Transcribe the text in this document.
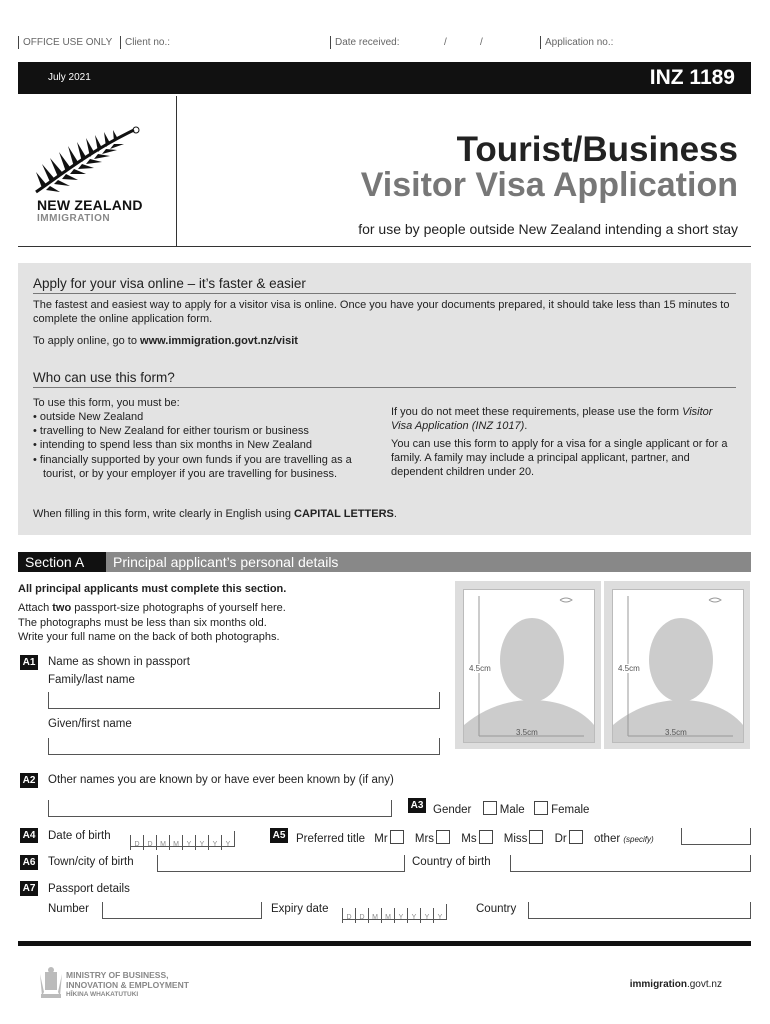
OFFICE USE ONLY	Client no.:	Date received:	/	/	Application no.:
July 2021	INZ 1189
NEW ZEALAND
IMMIGRATION
Tourist/Business
Visitor Visa Application
for use by people outside New Zealand intending a short stay
Apply for your visa online – it’s faster & easier
The fastest and easiest way to apply for a visitor visa is online. Once you have your documents prepared, it should take less than 15 minutes to complete the online application form.
To apply online, go to www.immigration.govt.nz/visit
Who can use this form?
To use this form, you must be:
• outside New Zealand
• travelling to New Zealand for either tourism or business
• intending to spend less than six months in New Zealand
• financially supported by your own funds if you are travelling as a tourist, or by your employer if you are travelling for business.
If you do not meet these requirements, please use the form Visitor Visa Application (INZ 1017).
You can use this form to apply for a visa for a single applicant or for a family. A family may include a principal applicant, partner, and dependent children under 20.
When filling in this form, write clearly in English using CAPITAL LETTERS.
Section A	Principal applicant’s personal details
All principal applicants must complete this section.
Attach two passport-size photographs of yourself here.
The photographs must be less than six months old.
Write your full name on the back of both photographs.
4.5cm
3.5cm
4.5cm
3.5cm
A1 Name as shown in passport
Family/last name
Given/first name
A2 Other names you are known by or have ever been known by (if any)
A3 Gender Male Female
A4 Date of birth
D D M M Y Y Y Y
A5 Preferred title Mr Mrs Ms Miss Dr other (specify)
A6 Town/city of birth	Country of birth
A7 Passport details
Number	Expiry date
D D M M Y Y Y Y
Country
MINISTRY OF BUSINESS,
INNOVATION & EMPLOYMENT
HĪKINA WHAKATUTUKI
immigration.govt.nz
